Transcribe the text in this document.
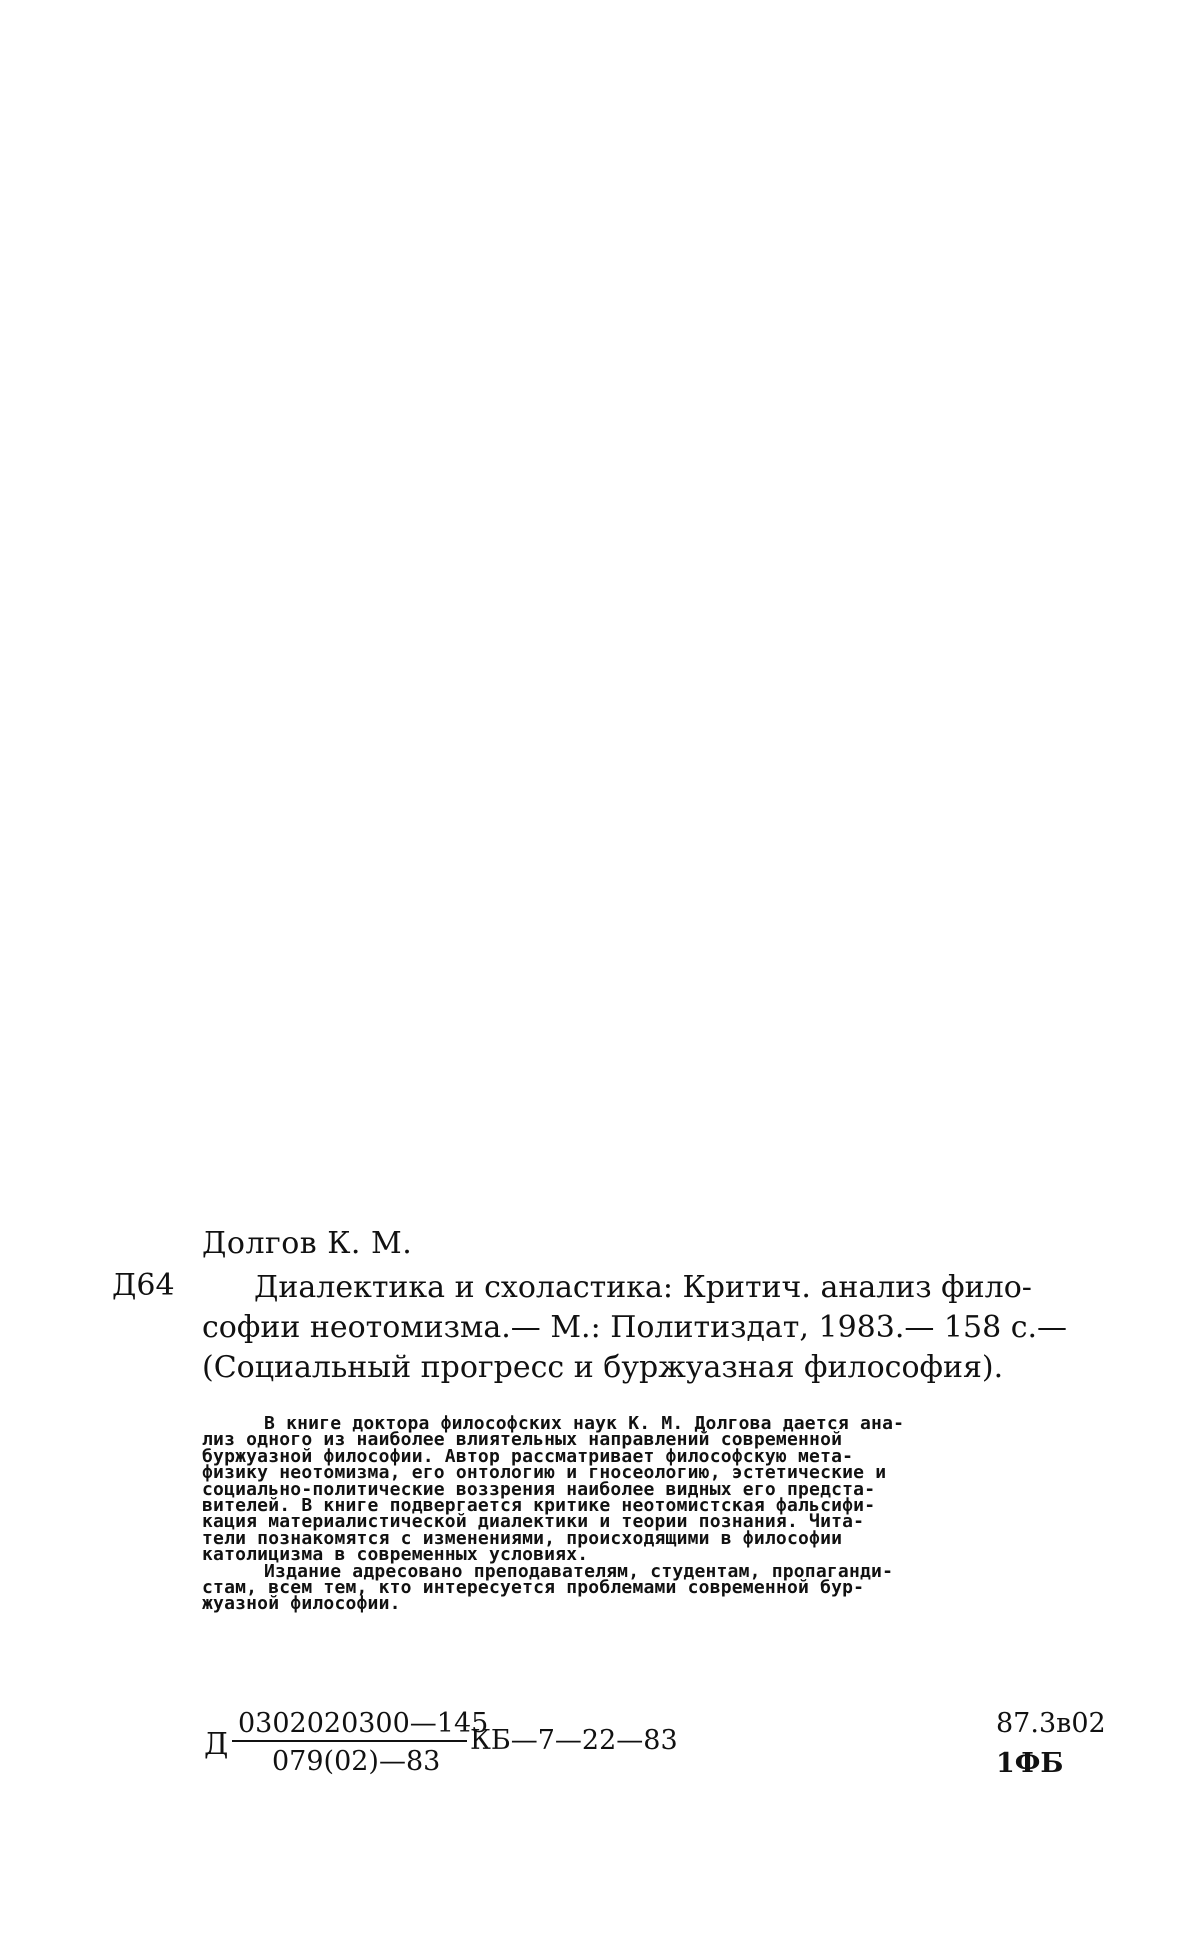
Долгов К. М.
Д64	Диалектика и схоластика: Критич. анализ фило-
софии неотомизма.— М.: Политиздат, 1983.— 158 с.—
(Социальный прогресс и буржуазная философия).
В книге доктора философских наук К. М. Долгова дается ана-
лиз одного из наиболее влиятельных направлений современной
буржуазной философии. Автор рассматривает философскую мета-
физику неотомизма, его онтологию и гносеологию, эстетические и
социально-политические воззрения наиболее видных его предста-
вителей. В книге подвергается критике неотомистская фальсифи-
кация материалистической диалектики и теории познания. Чита-
тели познакомятся с изменениями, происходящими в философии
католицизма в современных условиях.
Издание адресовано преподавателям, студентам, пропаганди-
стам, всем тем, кто интересуется проблемами современной бур-
жуазной философии.
Д
0302020300—145
079(02)—83
КБ—7—22—83
87.3в02
1ФБ
